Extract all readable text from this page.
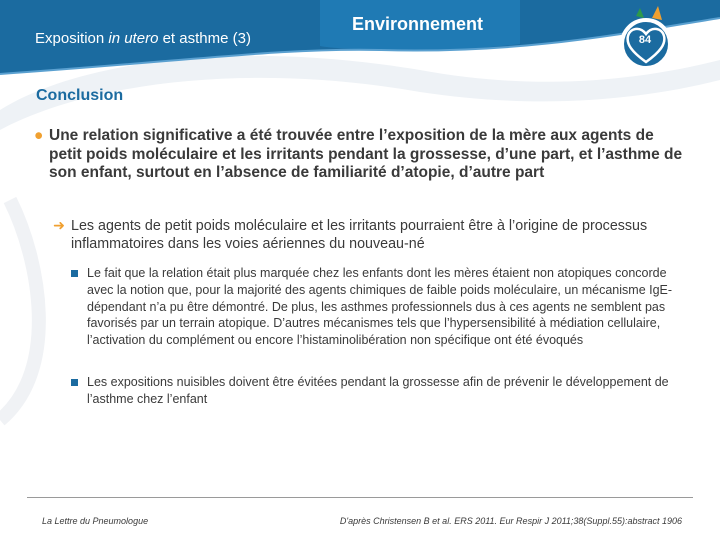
Exposition in utero et asthme (3)
Environnement
84
Conclusion
● Une relation significative a été trouvée entre l’exposition de la mère aux agents de petit poids moléculaire et les irritants pendant la grossesse, d’une part, et l’asthme de son enfant, surtout en l’absence de familiarité d’atopie, d’autre part
➜ Les agents de petit poids moléculaire et les irritants pourraient être à l’origine de processus inflammatoires dans les voies aériennes du nouveau-né
Le fait que la relation était plus marquée chez les enfants dont les mères étaient non atopiques concorde avec la notion que, pour la majorité des agents chimiques de faible poids moléculaire, un mécanisme IgE-dépendant n’a pu être démontré. De plus, les asthmes professionnels dus à ces agents ne semblent pas favorisés par un terrain atopique. D’autres mécanismes tels que l’hypersensibilité à médiation cellulaire, l’activation du complément ou encore l’histaminolibération non spécifique ont été évoqués
Les expositions nuisibles doivent être évitées pendant la grossesse afin de prévenir le développement de l’asthme chez l’enfant
La Lettre du Pneumologue	D'après Christensen B et al. ERS 2011. Eur Respir J 2011;38(Suppl.55):abstract 1906
